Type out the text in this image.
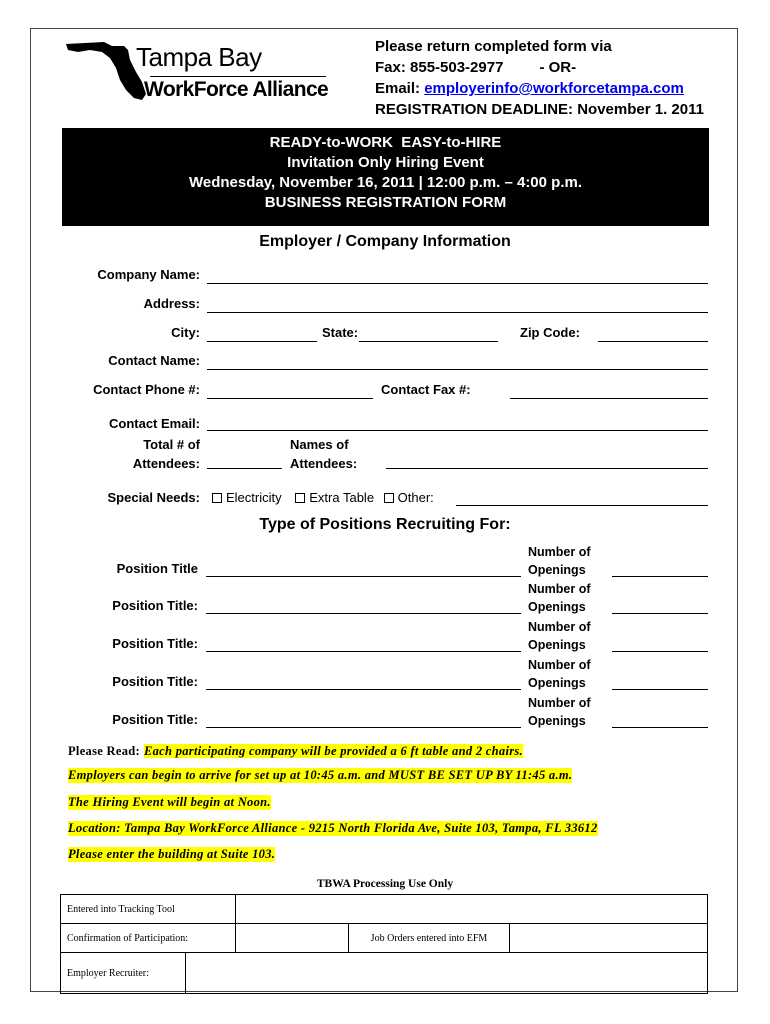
Tampa Bay
WorkForce Alliance
Please return completed form via
Fax: 855-503-2977 - OR-
Email: employerinfo@workforcetampa.com
REGISTRATION DEADLINE: November 1. 2011
READY-to-WORK  EASY-to-HIRE
Invitation Only Hiring Event
Wednesday, November 16, 2011 | 12:00 p.m. – 4:00 p.m.
BUSINESS REGISTRATION FORM
Employer / Company Information
Company Name:
Address:
City:	State:	Zip Code:
Contact Name:
Contact Phone #:	Contact Fax #:
Contact Email:
Total # of
Attendees:
Names of
Attendees:
Special Needs:	Electricity Extra Table Other:
Type of Positions Recruiting For:
Position Title
Number of
Openings
Position Title:
Number of
Openings
Position Title:
Number of
Openings
Position Title:
Number of
Openings
Position Title:
Number of
Openings
Please Read: Each participating company will be provided a 6 ft table and 2 chairs.
Employers can begin to arrive for set up at 10:45 a.m. and MUST BE SET UP BY 11:45 a.m.
The Hiring Event will begin at Noon.
Location: Tampa Bay WorkForce Alliance - 9215 North Florida Ave, Suite 103, Tampa, FL 33612
Please enter the building at Suite 103.
TBWA Processing Use Only
Entered into Tracking Tool			
Confirmation of Participation:		Job Orders entered into EFM	

Employer Recruiter:			
